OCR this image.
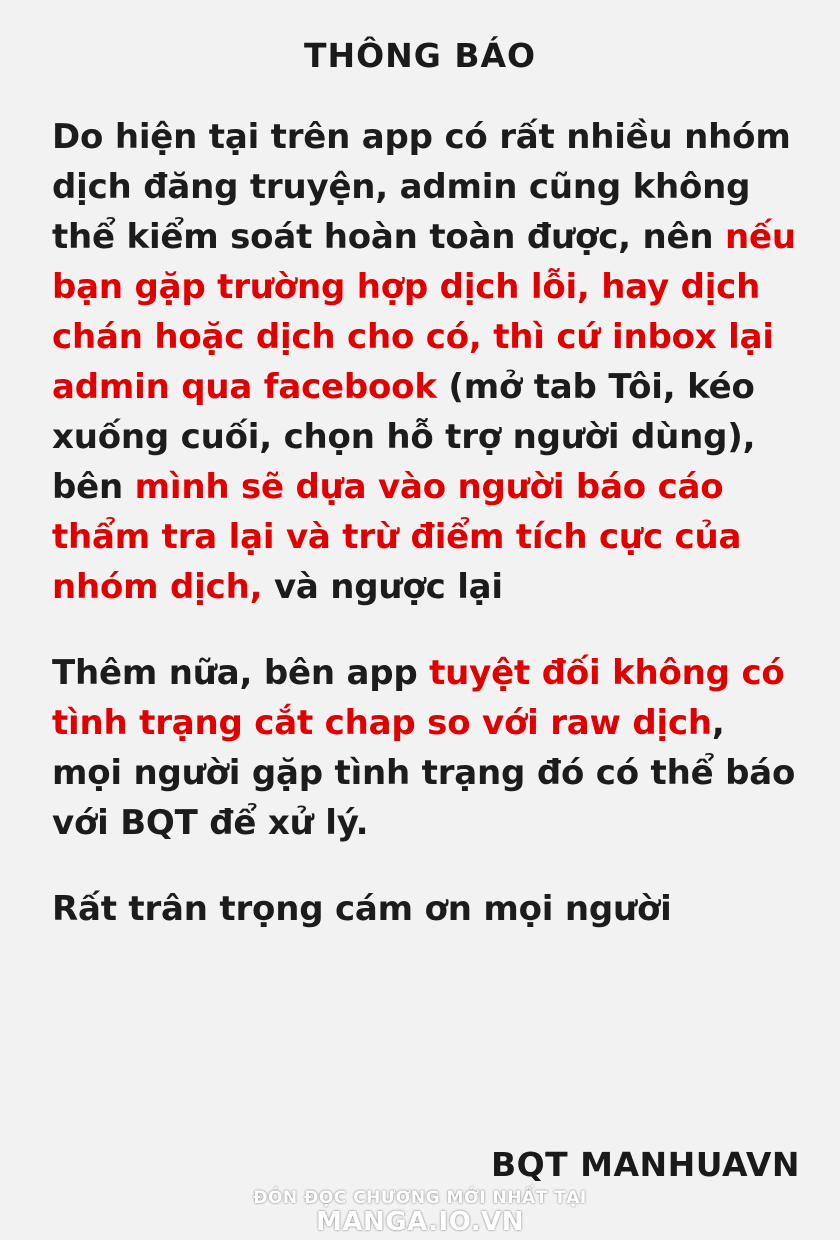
THÔNG BÁO

Do hiện tại trên app có rất nhiều nhóm dịch đăng truyện, admin cũng không thể kiểm soát hoàn toàn được, nên nếu bạn gặp trường hợp dịch lỗi, hay dịch chán hoặc dịch cho có, thì cứ inbox lại admin qua facebook (mở tab Tôi, kéo xuống cuối, chọn hỗ trợ người dùng), bên mình sẽ dựa vào người báo cáo thẩm tra lại và trừ điểm tích cực của nhóm dịch, và ngược lại

Thêm nữa, bên app tuyệt đối không có tình trạng cắt chap so với raw dịch, mọi người gặp tình trạng đó có thể báo với BQT để xử lý.

Rất trân trọng cám ơn mọi người

BQT MANHUAVN
ĐÓN ĐỌC CHƯƠNG MỚI NHẤT TẠI
MANGA.IO.VN
